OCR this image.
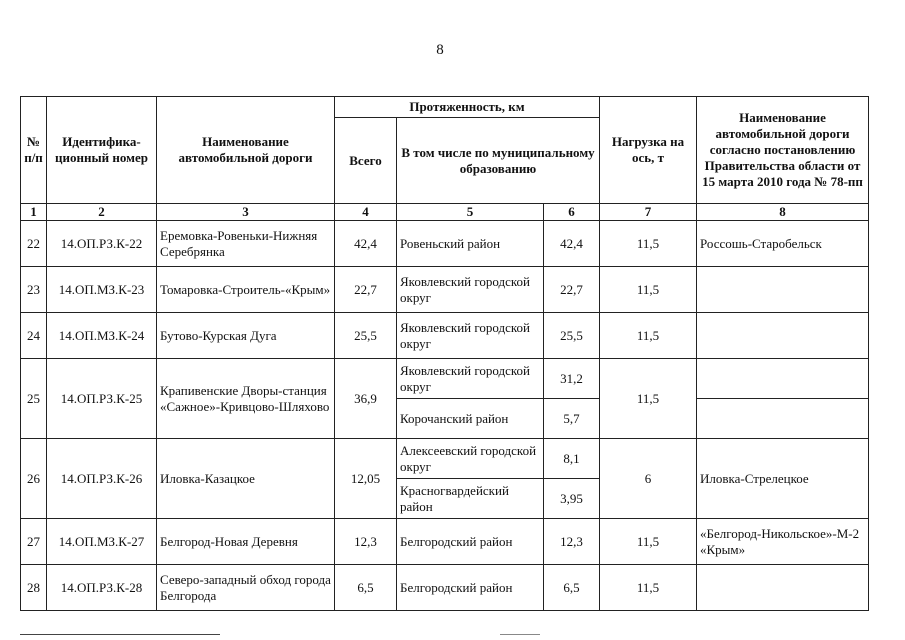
8
№ п/п	Идентифика-ционный номер	Наименование автомобильной дороги	Протяженность, км			Нагрузка на ось, т	Наименование автомобильной дороги согласно постановлению Правительства области от 15 марта 2010 года № 78-пп
			Всего	В том числе по муниципальному образованию			
1	2	3	4	5	6	7	8
22	14.ОП.РЗ.К-22	Еремовка-Ровеньки-Нижняя Серебрянка	42,4	Ровеньский район	42,4	11,5	Россошь-Старобельск
23	14.ОП.МЗ.К-23	Томаровка-Строитель-«Крым»	22,7	Яковлевский городской округ	22,7	11,5	
24	14.ОП.МЗ.К-24	Бутово-Курская Дуга	25,5	Яковлевский городской округ	25,5	11,5	
25	14.ОП.РЗ.К-25	Крапивенские Дворы-станция «Сажное»-Кривцово-Шляхово	36,9	Яковлевский городской округ	31,2	11,5	
				Корочанский район	5,7		
26	14.ОП.РЗ.К-26	Иловка-Казацкое	12,05	Алексеевский городской округ	8,1	6	Иловка-Стрелецкое
				Красногвардейский район	3,95		
27	14.ОП.МЗ.К-27	Белгород-Новая Деревня	12,3	Белгородский район	12,3	11,5	«Белгород-Никольское»-М-2 «Крым»
28	14.ОП.РЗ.К-28	Северо-западный обход города Белгорода	6,5	Белгородский район	6,5	11,5	
